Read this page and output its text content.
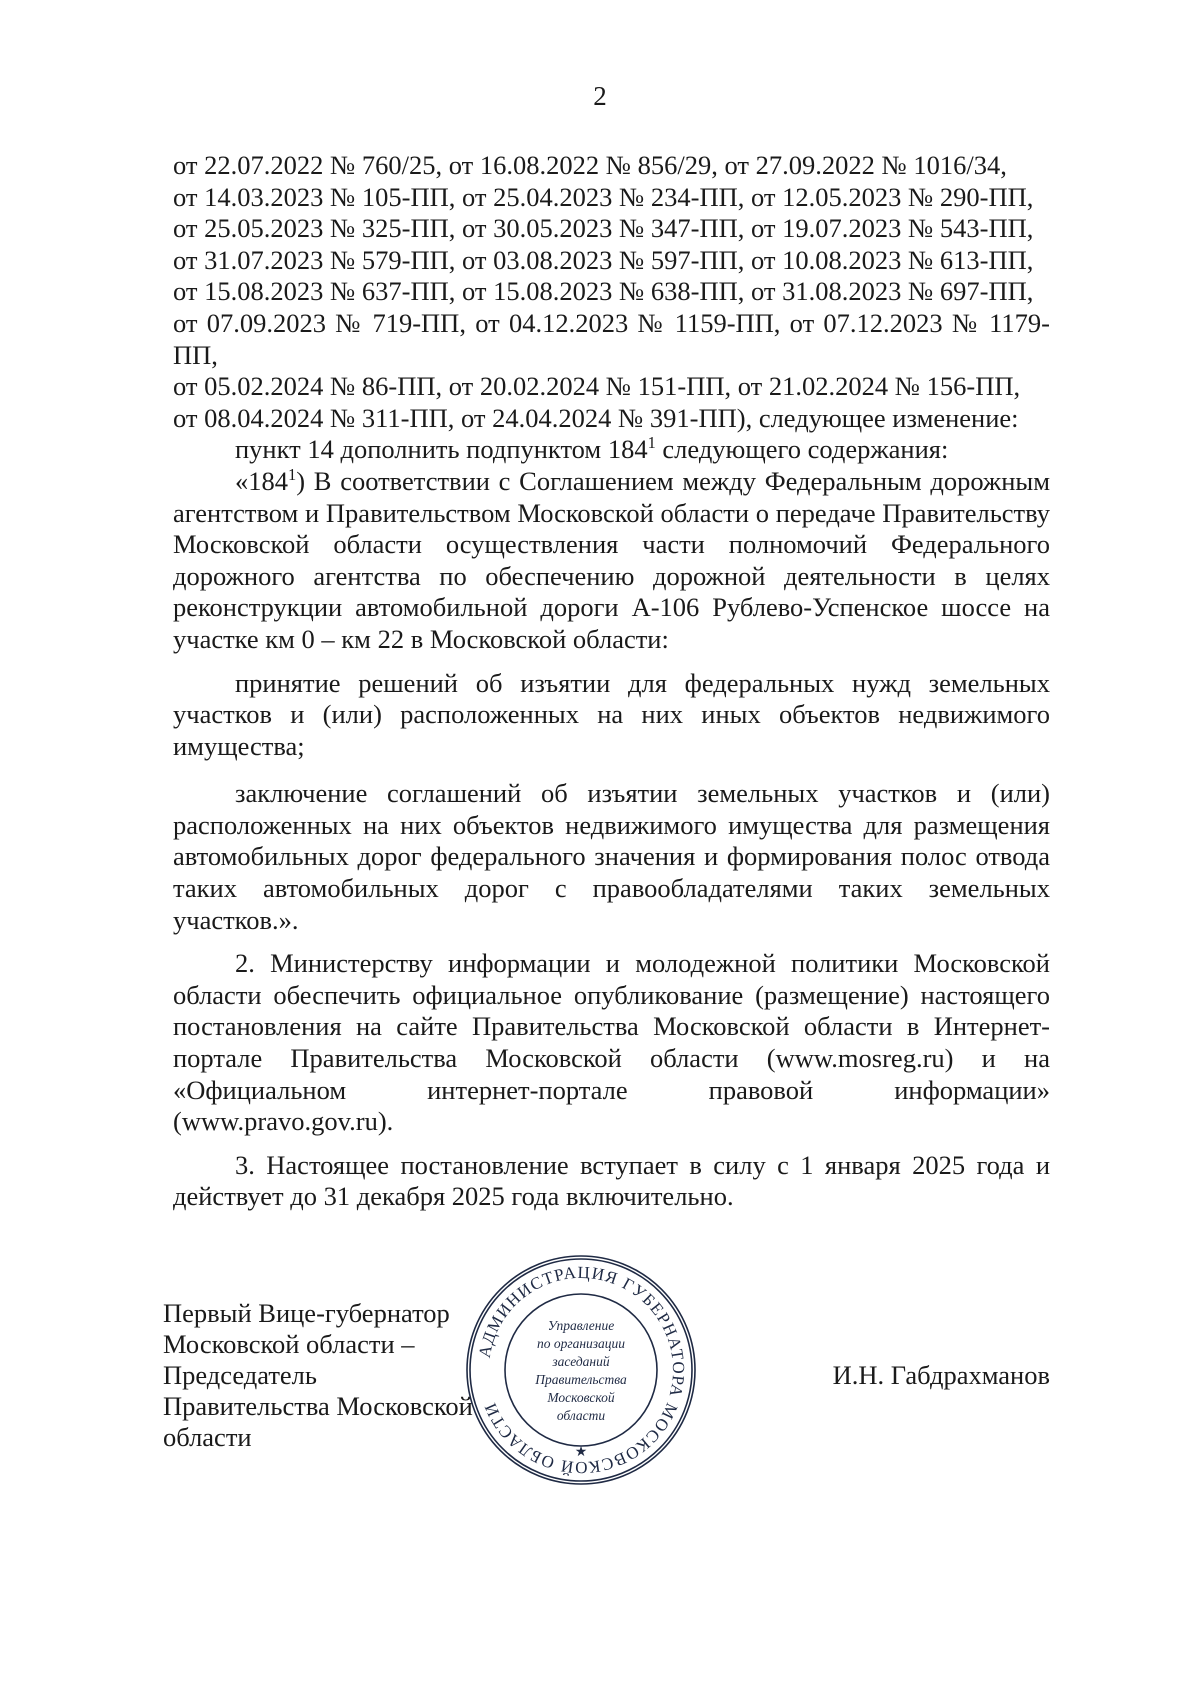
2

от 22.07.2022 № 760/25, от 16.08.2022 № 856/29, от 27.09.2022 № 1016/34,

от 14.03.2023 № 105-ПП, от 25.04.2023 № 234-ПП, от 12.05.2023 № 290-ПП,

от 25.05.2023 № 325-ПП, от 30.05.2023 № 347-ПП, от 19.07.2023 № 543-ПП,

от 31.07.2023 № 579-ПП, от 03.08.2023 № 597-ПП, от 10.08.2023 № 613-ПП,

от 15.08.2023 № 637-ПП, от 15.08.2023 № 638-ПП, от 31.08.2023 № 697-ПП,

от 07.09.2023 № 719-ПП, от 04.12.2023 № 1159-ПП, от 07.12.2023 № 1179-ПП,

от 05.02.2024 № 86-ПП, от 20.02.2024 № 151-ПП, от 21.02.2024 № 156-ПП,

от 08.04.2024 № 311-ПП, от 24.04.2024 № 391-ПП), следующее изменение:

пункт 14 дополнить подпунктом $184^1$ следующего содержания:

«$184^1$) В соответствии с Соглашением между Федеральным дорожным агентством и Правительством Московской области о передаче Правительству Московской области осуществления части полномочий Федерального дорожного агентства по обеспечению дорожной деятельности в целях реконструкции автомобильной дороги А-106 Рублево-Успенское шоссе на участке км 0 – км 22 в Московской области:

принятие решений об изъятии для федеральных нужд земельных участков и (или) расположенных на них иных объектов недвижимого имущества;

заключение соглашений об изъятии земельных участков и (или) расположенных на них объектов недвижимого имущества для размещения автомобильных дорог федерального значения и формирования полос отвода таких автомобильных дорог с правообладателями таких земельных участков.».

2. Министерству информации и молодежной политики Московской области обеспечить официальное опубликование (размещение) настоящего постановления на сайте Правительства Московской области в Интернет-портале Правительства Московской области (www.mosreg.ru) и на «Официальном интернет-портале правовой информации» (www.pravo.gov.ru).

3. Настоящее постановление вступает в силу с 1 января 2025 года и действует до 31 декабря 2025 года включительно.

Первый Вице-губернатор
Московской области – Председатель
Правительства Московской области
И.Н. Габдрахманов
АДМИНИСТРАЦИЯ ГУБЕРНАТОРА МОСКОВСКОЙ ОБЛАСТИ
Управление
по организации
заседаний
Правительства
Московской
области
★
